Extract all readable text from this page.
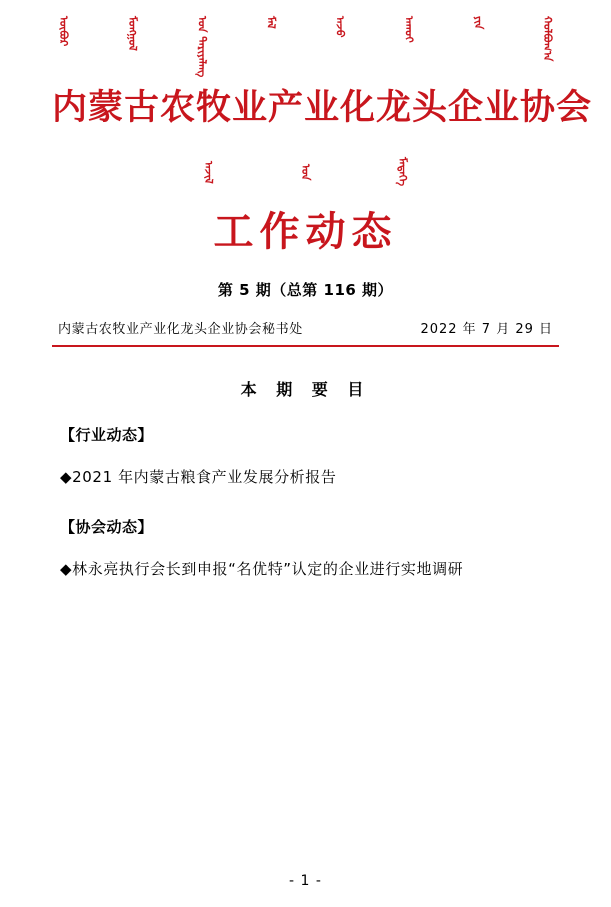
ᠦᠪᠦᠷ	ᠮᠣᠩᠭᠤᠯ	ᠤᠨ ᠲᠠᠷᠢᠶᠠᠯᠠᠩ	ᠮᠠᠯ	ᠠᠵᠤ	ᠠᠬᠤᠢ	ᠶᠢᠨ	ᠬᠤᠯᠪᠤᠭ᠎ᠠ
内蒙古农牧业产业化龙头企业协会
ᠠᠵᠢᠯ	ᠤᠨ	ᠮᠡᠳᠡᠭᠡ
工作动态
第 5 期（总第 116 期）
内蒙古农牧业产业化龙头企业协会秘书处	2022 年 7 月 29 日
本 期 要 目
【行业动态】
◆2021 年内蒙古粮食产业发展分析报告
【协会动态】
◆林永亮执行会长到申报“名优特”认定的企业进行实地调研
- 1 -
